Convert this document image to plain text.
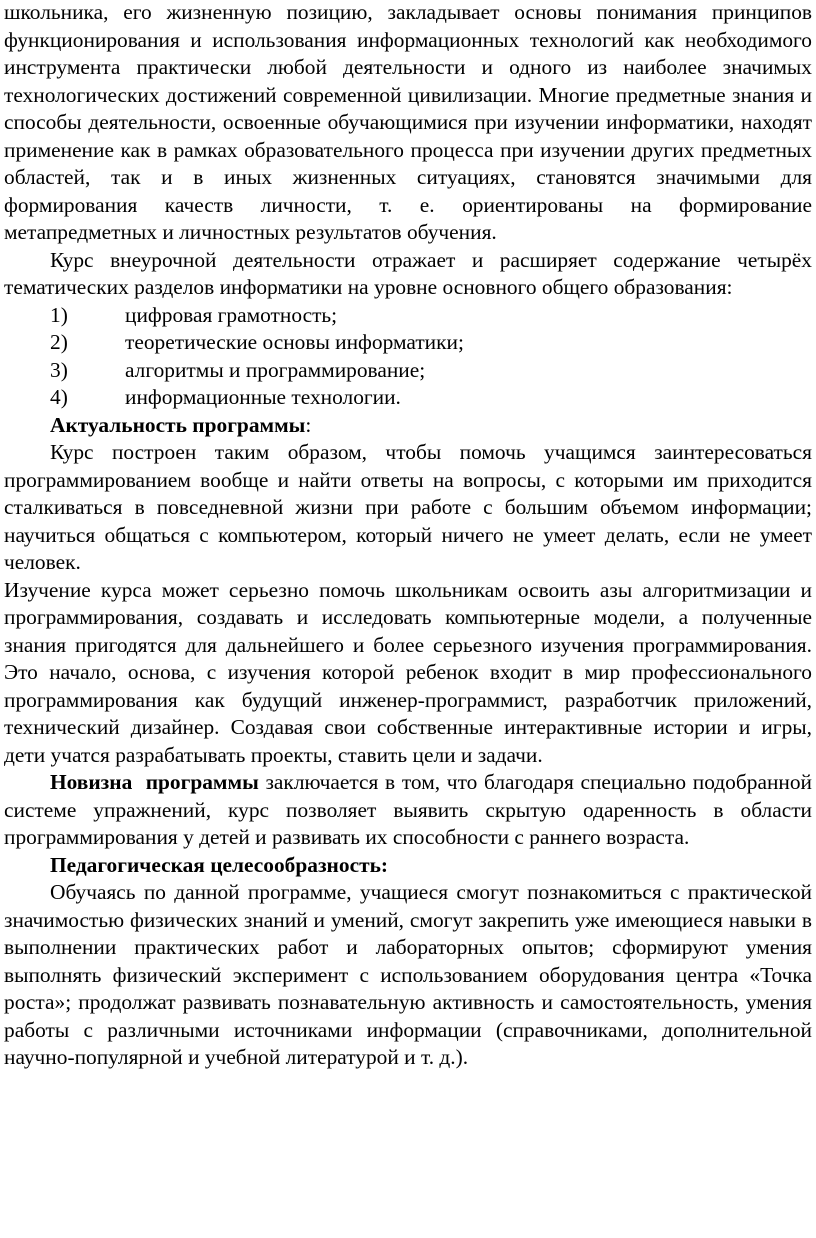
школьника, его жизненную позицию, закладывает основы понимания принципов функционирования и использования информационных технологий как необходимого инструмента практически любой деятельности и одного из наиболее значимых технологических достижений современной цивилизации. Многие предметные знания и способы деятельности, освоенные обучающимися при изучении информатики, находят применение как в рамках образовательного процесса при изучении других предметных областей, так и в иных жизненных ситуациях, становятся значимыми для формирования качеств личности, т. е. ориентированы на формирование метапредметных и личностных результатов обучения.

Курс внеурочной деятельности отражает и расширяет содержание четырёх тематических разделов информатики на уровне основного общего образования:

1)	цифровая грамотность;
2)	теоретические основы информатики;
3)	алгоритмы и программирование;
4)	информационные технологии.

Актуальность программы:

Курс построен таким образом, чтобы помочь учащимся заинтересоваться программированием вообще и найти ответы на вопросы, с которыми им приходится сталкиваться в повседневной жизни при работе с большим объемом информации; научиться общаться с компьютером, который ничего не умеет делать, если не умеет человек.

Изучение курса может серьезно помочь школьникам освоить азы алгоритмизации и программирования, создавать и исследовать компьютерные модели, а полученные знания пригодятся для дальнейшего и более серьезного изучения программирования. Это начало, основа, с изучения которой ребенок входит в мир профессионального программирования как будущий инженер-программист, разработчик приложений, технический дизайнер. Создавая свои собственные интерактивные истории и игры, дети учатся разрабатывать проекты, ставить цели и задачи.

Новизна  программы заключается в том, что благодаря специально подобранной системе упражнений, курс позволяет выявить скрытую одаренность в области программирования у детей и развивать их способности с раннего возраста.

Педагогическая целесообразность:

Обучаясь по данной программе, учащиеся смогут познакомиться с практической значимостью физических знаний и умений, смогут закрепить уже имеющиеся навыки в выполнении практических работ и лабораторных опытов; сформируют умения выполнять физический эксперимент с использованием оборудования центра «Точка роста»; продолжат развивать познавательную активность и самостоятельность, умения работы с различными источниками информации (справочниками, дополнительной научно-популярной и учебной литературой и т. д.).
